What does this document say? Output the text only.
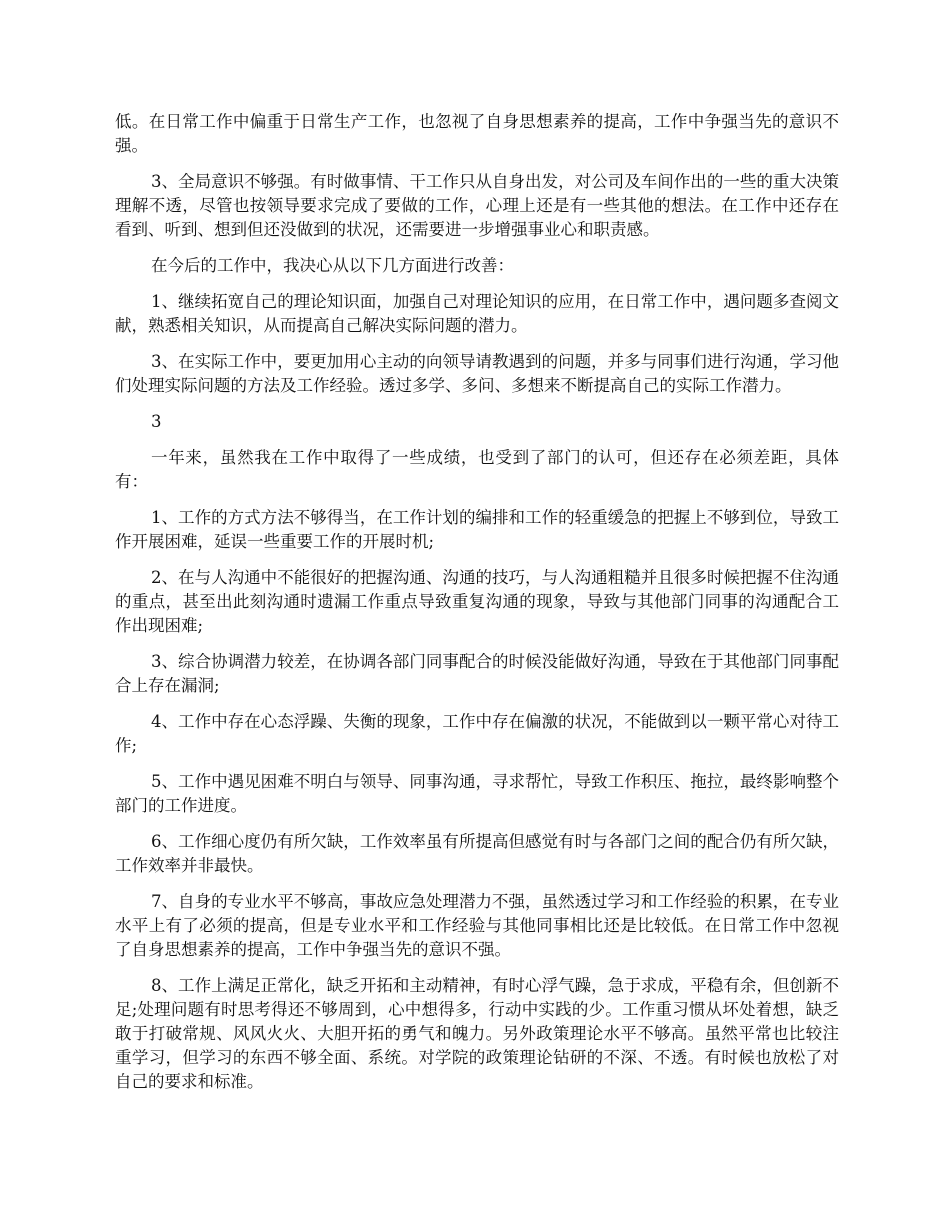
低。在日常工作中偏重于日常生产工作，也忽视了自身思想素养的提高，工作中争强当先的意识不强。

3、全局意识不够强。有时做事情、干工作只从自身出发，对公司及车间作出的一些的重大决策理解不透，尽管也按领导要求完成了要做的工作，心理上还是有一些其他的想法。在工作中还存在看到、听到、想到但还没做到的状况，还需要进一步增强事业心和职责感。

在今后的工作中，我决心从以下几方面进行改善：

1、继续拓宽自己的理论知识面，加强自己对理论知识的应用，在日常工作中，遇问题多查阅文献，熟悉相关知识，从而提高自己解决实际问题的潜力。

3、在实际工作中，要更加用心主动的向领导请教遇到的问题，并多与同事们进行沟通，学习他们处理实际问题的方法及工作经验。透过多学、多问、多想来不断提高自己的实际工作潜力。

3

一年来，虽然我在工作中取得了一些成绩，也受到了部门的认可，但还存在必须差距，具体有：

1、工作的方式方法不够得当，在工作计划的编排和工作的轻重缓急的把握上不够到位，导致工作开展困难，延误一些重要工作的开展时机;

2、在与人沟通中不能很好的把握沟通、沟通的技巧，与人沟通粗糙并且很多时候把握不住沟通的重点，甚至出此刻沟通时遗漏工作重点导致重复沟通的现象，导致与其他部门同事的沟通配合工作出现困难;

3、综合协调潜力较差，在协调各部门同事配合的时候没能做好沟通，导致在于其他部门同事配合上存在漏洞;

4、工作中存在心态浮躁、失衡的现象，工作中存在偏激的状况，不能做到以一颗平常心对待工作;

5、工作中遇见困难不明白与领导、同事沟通，寻求帮忙，导致工作积压、拖拉，最终影响整个部门的工作进度。

6、工作细心度仍有所欠缺，工作效率虽有所提高但感觉有时与各部门之间的配合仍有所欠缺，工作效率并非最快。

7、自身的专业水平不够高，事故应急处理潜力不强，虽然透过学习和工作经验的积累，在专业水平上有了必须的提高，但是专业水平和工作经验与其他同事相比还是比较低。在日常工作中忽视了自身思想素养的提高，工作中争强当先的意识不强。

8、工作上满足正常化，缺乏开拓和主动精神，有时心浮气躁，急于求成，平稳有余，但创新不足;处理问题有时思考得还不够周到，心中想得多，行动中实践的少。工作重习惯从坏处着想，缺乏敢于打破常规、风风火火、大胆开拓的勇气和魄力。另外政策理论水平不够高。虽然平常也比较注重学习，但学习的东西不够全面、系统。对学院的政策理论钻研的不深、不透。有时候也放松了对自己的要求和标准。
